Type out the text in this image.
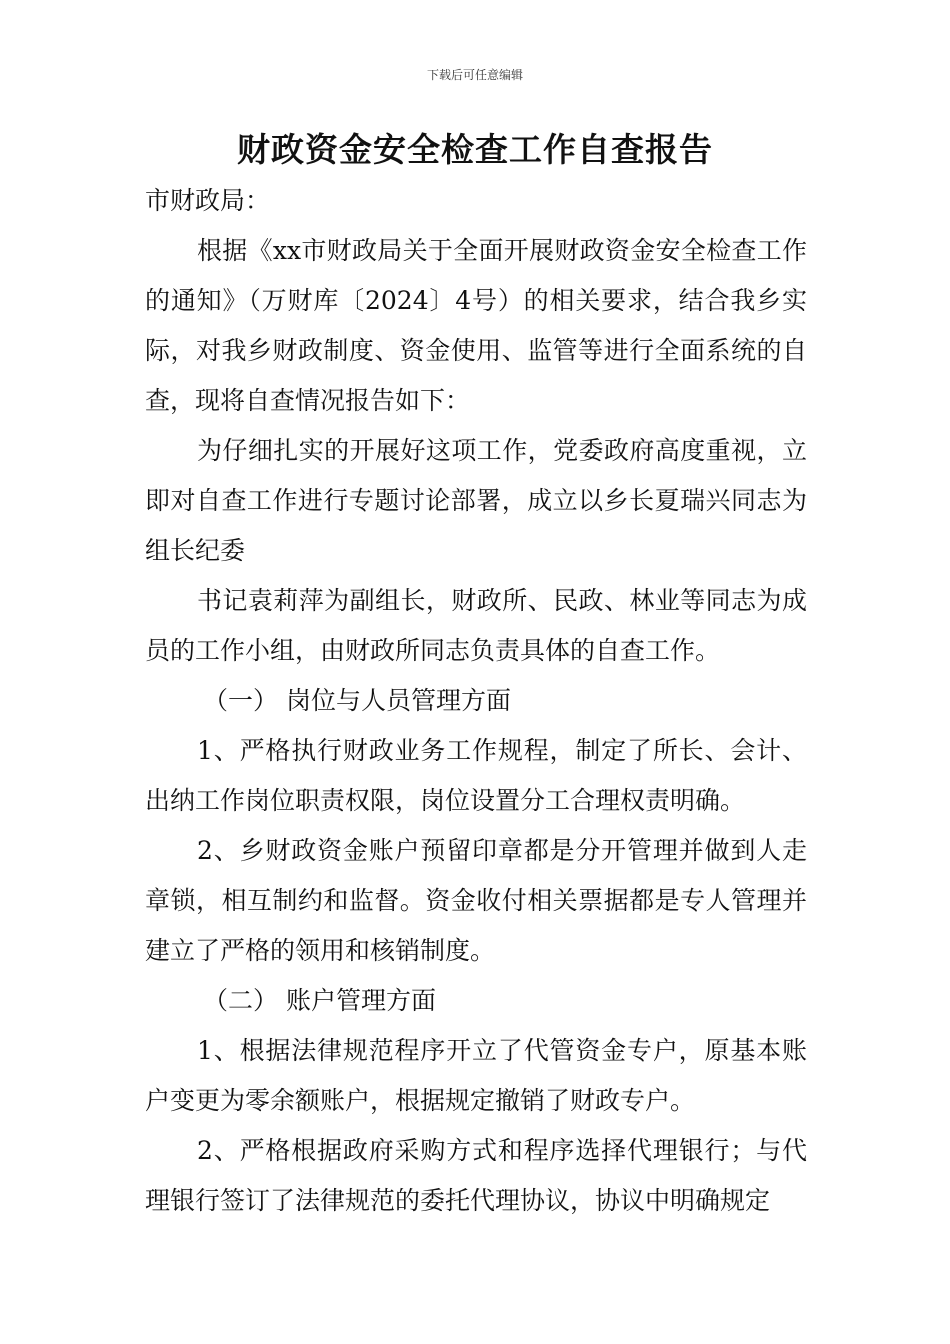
下载后可任意编辑
财政资金安全检查工作自查报告

市财政局：

根据《xx市财政局关于全面开展财政资金安全检查工作的通知》（万财库〔2024〕4号）的相关要求，结合我乡实际，对我乡财政制度、资金使用、监管等进行全面系统的自查，现将自查情况报告如下：

为仔细扎实的开展好这项工作，党委政府高度重视，立即对自查工作进行专题讨论部署，成立以乡长夏瑞兴同志为组长纪委

书记袁莉萍为副组长，财政所、民政、林业等同志为成员的工作小组，由财政所同志负责具体的自查工作。

（一） 岗位与人员管理方面

1、严格执行财政业务工作规程，制定了所长、会计、出纳工作岗位职责权限，岗位设置分工合理权责明确。

2、乡财政资金账户预留印章都是分开管理并做到人走章锁，相互制约和监督。资金收付相关票据都是专人管理并建立了严格的领用和核销制度。

（二） 账户管理方面

1、根据法律规范程序开立了代管资金专户，原基本账户变更为零余额账户，根据规定撤销了财政专户。

2、严格根据政府采购方式和程序选择代理银行；与代理银行签订了法律规范的委托代理协议，协议中明确规定
